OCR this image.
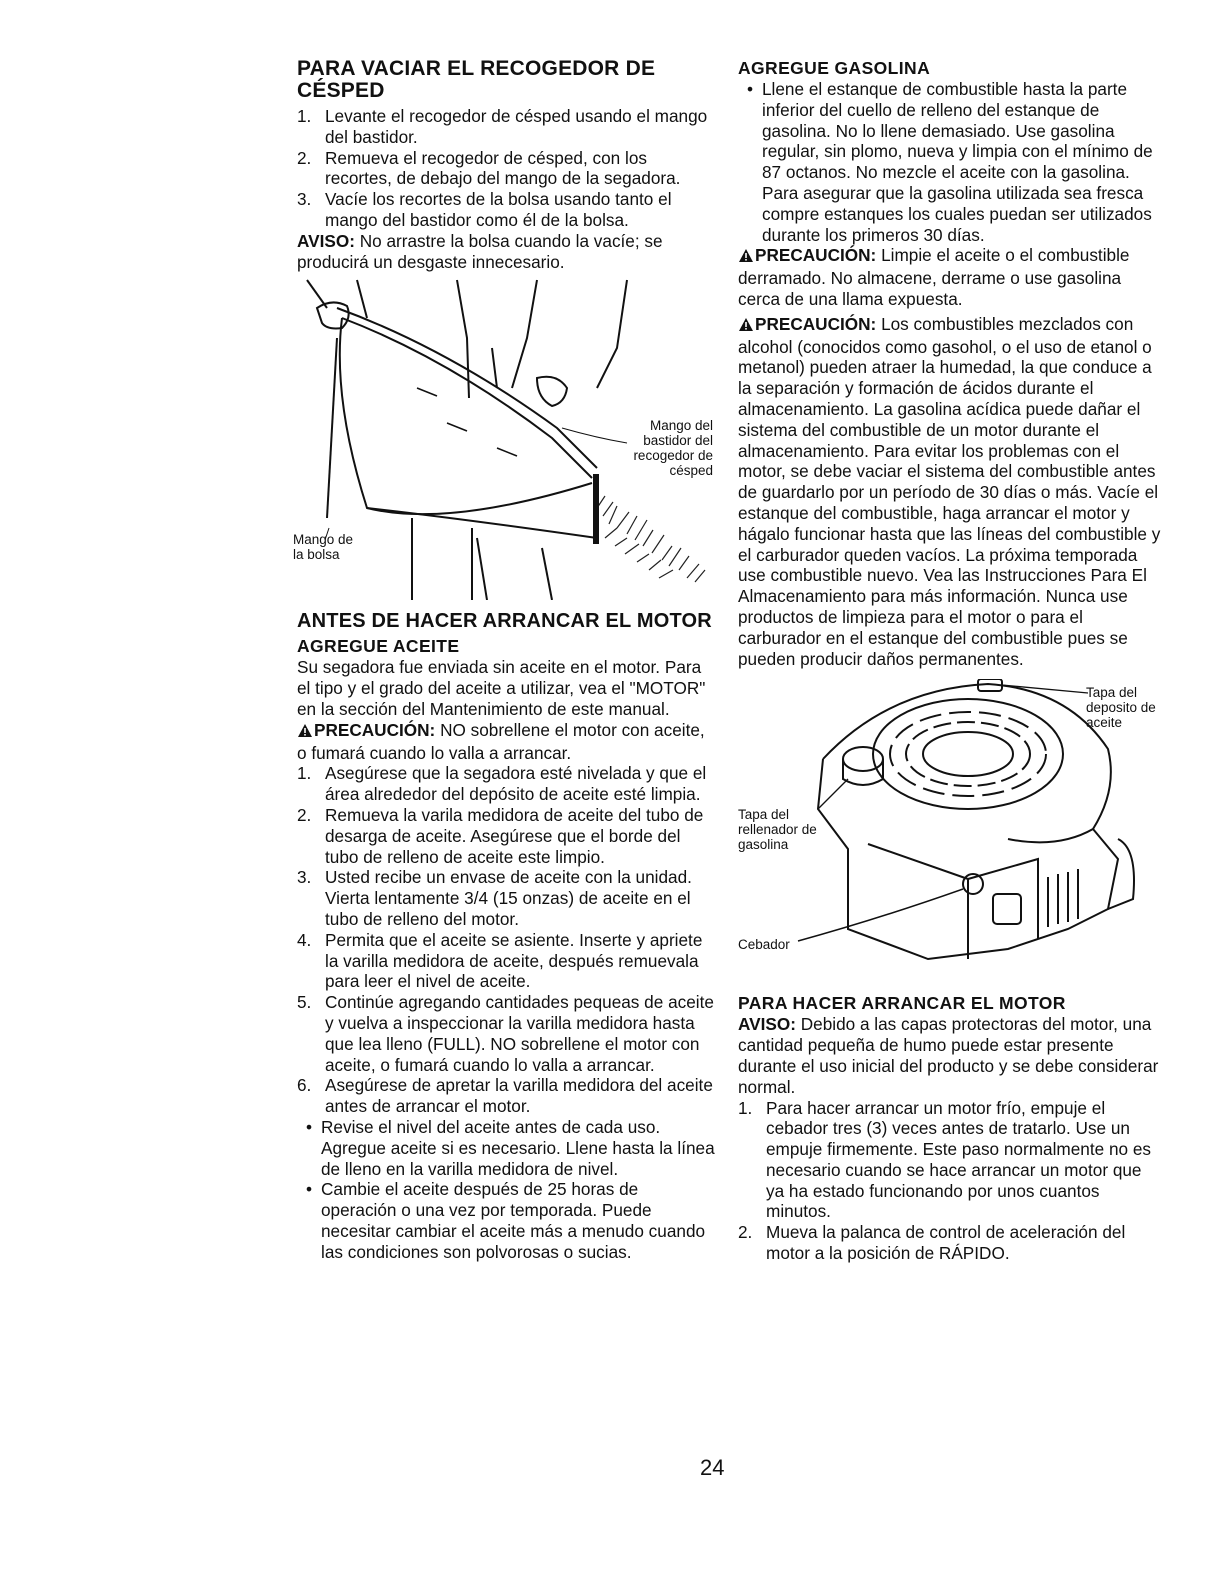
PARA VACIAR EL RECOGEDOR DE CÉSPED
1. Levante el recogedor de césped usando el mango del bastidor.
2. Remueva el recogedor de césped, con los recortes, de debajo del mango de la segadora.
3. Vacíe los recortes de la bolsa usando tanto el mango del bastidor como él de la bolsa.

AVISO: No arrastre la bolsa cuando la vacíe; se producirá un desgaste innecesario.

Mango del bastidor del recogedor de césped
Mango de la bolsa
ANTES DE HACER ARRANCAR EL MOTOR
AGREGUE ACEITE

Su segadora fue enviada sin aceite en el motor. Para el tipo y el grado del aceite a utilizar, vea el "MOTOR" en la sección del Mantenimiento de este manual.

PRECAUCIÓN: NO sobrellene el motor con aceite, o fumará cuando lo valla a arrancar.

1. Asegúrese que la segadora esté nivelada y que el área alrededor del depósito de aceite esté limpia.
2. Remueva la varila medidora de aceite del tubo de desarga de aceite. Asegúrese que el borde del tubo de relleno de aceite este limpio.
3. Usted recibe un envase de aceite con la unidad. Vierta lentamente 3/4 (15 onzas) de aceite en el tubo de relleno del motor.
4. Permita que el aceite se asiente. Inserte y apriete la varilla medidora de aceite, después remuevala para leer el nivel de aceite.
5. Continúe agregando cantidades pequeas de aceite y vuelva a inspeccionar la varilla medidora hasta que lea lleno (FULL). NO sobrellene el motor con aceite, o fumará cuando lo valla a arrancar.
6. Asegúrese de apretar la varilla medidora del aceite antes de arrancar el motor.
• Revise el nivel del aceite antes de cada uso. Agregue aceite si es necesario. Llene hasta la línea de lleno en la varilla medidora de nivel.
• Cambie el aceite después de 25 horas de operación o una vez por temporada. Puede necesitar cambiar el aceite más a menudo cuando las condiciones son polvorosas o sucias.
AGREGUE GASOLINA
• Llene el estanque de combustible hasta la parte inferior del cuello de relleno del estanque de gasolina. No lo llene demasiado. Use gasolina regular, sin plomo, nueva y limpia con el mínimo de 87 octanos. No mezcle el aceite con la gasolina. Para asegurar que la gasolina utilizada sea fresca compre estanques los cuales puedan ser utilizados durante los primeros 30 días.

PRECAUCIÓN: Limpie el aceite o el combustible derramado. No almacene, derrame o use gasolina cerca de una llama expuesta.

PRECAUCIÓN: Los combustibles mezclados con alcohol (conocidos como gasohol, o el uso de etanol o metanol) pueden atraer la humedad, la que conduce a la separación y formación de ácidos durante el almacenamiento. La gasolina acídica puede dañar el sistema del combustible de un motor durante el almacenamiento. Para evitar los problemas con el motor, se debe vaciar el sistema del combustible antes de guardarlo por un período de 30 días o más. Vacíe el estanque del combustible, haga arrancar el motor y hágalo funcionar hasta que las líneas del combustible y el carburador queden vacíos. La próxima temporada use combustible nuevo. Vea las Instrucciones Para El Almacenamiento para más información. Nunca use productos de limpieza para el motor o para el carburador en el estanque del combustible pues se pueden producir daños permanentes.

Tapa del deposito de aceite
Tapa del rellenador de gasolina
Cebador
PARA HACER ARRANCAR EL MOTOR

AVISO: Debido a las capas protectoras del motor, una cantidad pequeña de humo puede estar presente durante el uso inicial del producto y se debe considerar normal.

1. Para hacer arrancar un motor frío, empuje el cebador tres (3) veces antes de tratarlo. Use un empuje firmemente. Este paso normalmente no es necesario cuando se hace arrancar un motor que ya ha estado funcionando por unos cuantos minutos.
2. Mueva la palanca de control de aceleración del motor a la posición de RÁPIDO.
24
